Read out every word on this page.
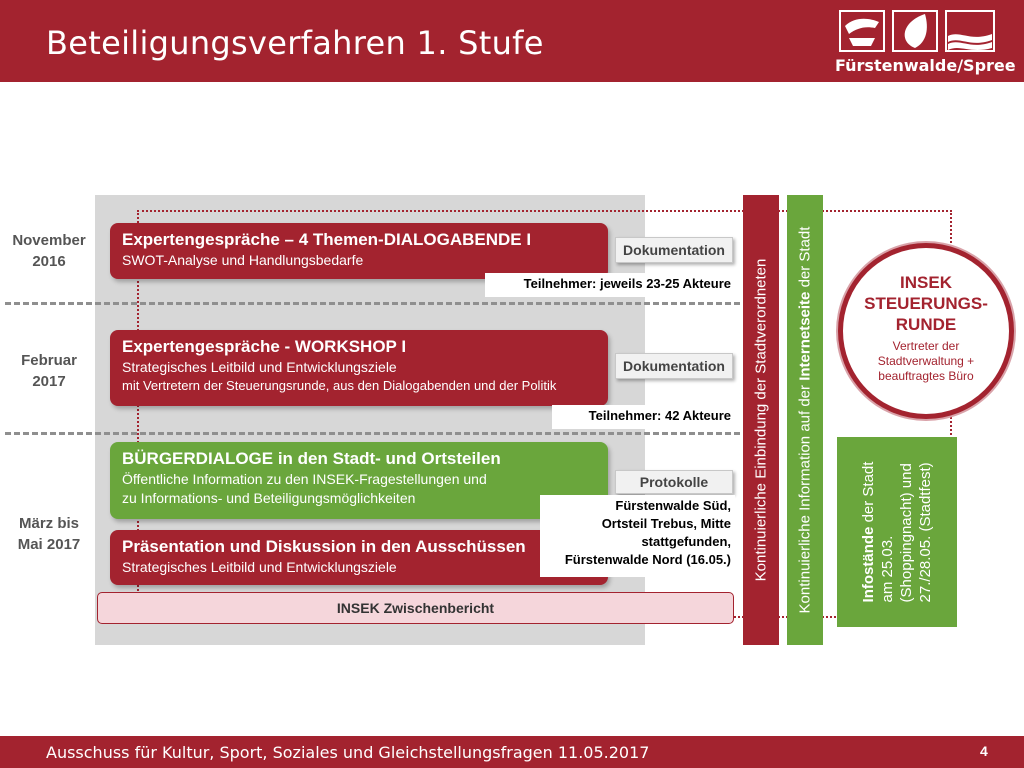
Beteiligungsverfahren 1. Stufe
Fürstenwalde/Spree
November
2016
Februar
2017
März bis
Mai 2017
Expertengespräche – 4 Themen-DIALOGABENDE I
SWOT-Analyse und Handlungsbedarfe
Dokumentation
Teilnehmer: jeweils 23-25 Akteure
Expertengespräche - WORKSHOP I
Strategisches Leitbild und Entwicklungsziele
mit Vertretern der Steuerungsrunde, aus den Dialogabenden und der Politik
Dokumentation
Teilnehmer: 42 Akteure
BÜRGERDIALOGE in den Stadt- und Ortsteilen
Öffentliche Information zu den INSEK-Fragestellungen und
zu Informations- und Beteiligungsmöglichkeiten
Protokolle
Präsentation und Diskussion in den Ausschüssen
Strategisches Leitbild und Entwicklungsziele
Fürstenwalde Süd,
Ortsteil Trebus, Mitte
stattgefunden,
Fürstenwalde Nord (16.05.)
INSEK Zwischenbericht
Kontinuierliche Einbindung der Stadtverordneten Kontinuierliche Information auf der Internetseite der Stadt
Infostände der Stadt
am 25.03. (Shoppingnacht) und 27./28.05. (Stadtfest)
INSEK
STEUERUNGS-
RUNDE
Vertreter der
Stadtverwaltung +
beauftragtes Büro
Ausschuss für Kultur, Sport, Soziales und Gleichstellungsfragen 11.05.2017	4
